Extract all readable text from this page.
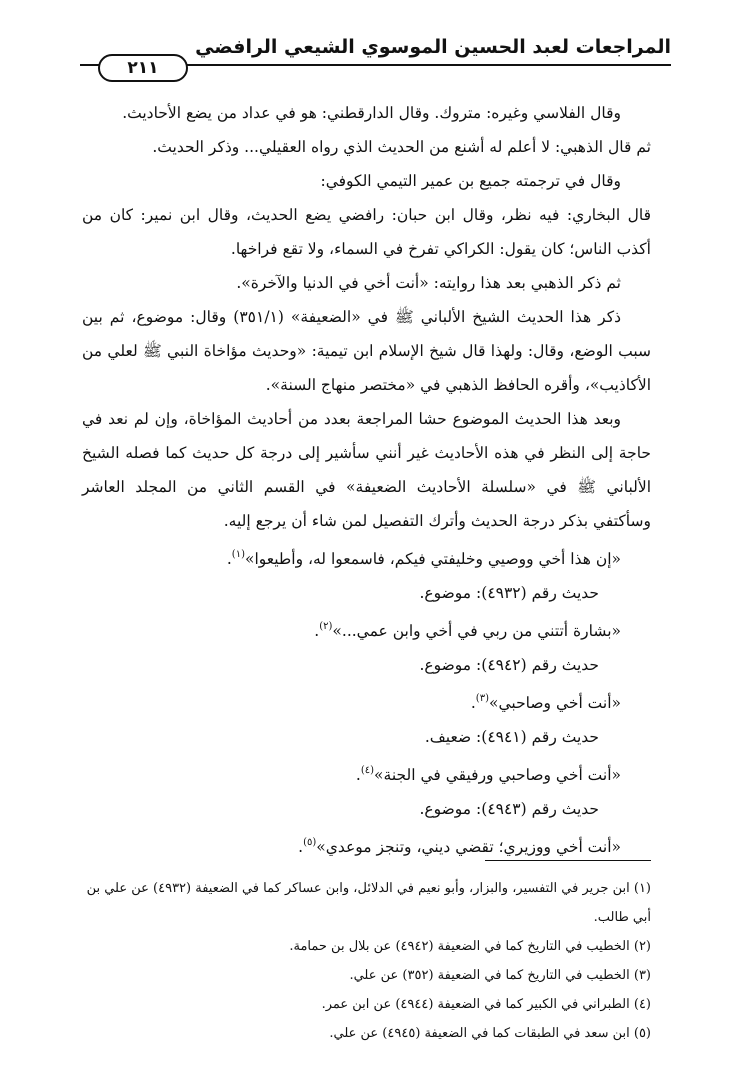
المراجعات لعبد الحسين الموسوي الشيعي الرافضي
٢١١
وقال الفلاسي وغيره: متروك. وقال الدارقطني: هو في عداد من يضع الأحاديث.
ثم قال الذهبي: لا أعلم له أشنع من الحديث الذي رواه العقيلي... وذكر الحديث.
وقال في ترجمته جميع بن عمير التيمي الكوفي:
قال البخاري: فيه نظر، وقال ابن حبان: رافضي يضع الحديث، وقال ابن نمير: كان من أكذب الناس؛ كان يقول: الكراكي تفرخ في السماء، ولا تقع فراخها.
ثم ذكر الذهبي بعد هذا روايته: «أنت أخي في الدنيا والآخرة».
ذكر هذا الحديث الشيخ الألباني ﷺ في «الضعيفة» (٣٥١/١) وقال: موضوع، ثم بين سبب الوضع، وقال: ولهذا قال شيخ الإسلام ابن تيمية: «وحديث مؤاخاة النبي ﷺ لعلي من الأكاذيب»، وأقره الحافظ الذهبي في «مختصر منهاج السنة».
وبعد هذا الحديث الموضوع حشا المراجعة بعدد من أحاديث المؤاخاة، وإن لم نعد في حاجة إلى النظر في هذه الأحاديث غير أنني سأشير إلى درجة كل حديث كما فصله الشيخ الألباني ﷺ في «سلسلة الأحاديث الضعيفة» في القسم الثاني من المجلد العاشر وسأكتفي بذكر درجة الحديث وأترك التفصيل لمن شاء أن يرجع إليه.
«إن هذا أخي ووصيي وخليفتي فيكم، فاسمعوا له، وأطيعوا»$^{(١)}$.
حديث رقم (٤٩٣٢): موضوع.
«بشارة أتتني من ربي في أخي وابن عمي...»$^{(٢)}$.
حديث رقم (٤٩٤٢): موضوع.
«أنت أخي وصاحبي»$^{(٣)}$.
حديث رقم (٤٩٤١): ضعيف.
«أنت أخي وصاحبي ورفيقي في الجنة»$^{(٤)}$.
حديث رقم (٤٩٤٣): موضوع.
«أنت أخي ووزيري؛ تقضي ديني، وتنجز موعدي»$^{(٥)}$.
(١) ابن جرير في التفسير، والبزار، وأبو نعيم في الدلائل، وابن عساكر كما في الضعيفة (٤٩٣٢) عن علي بن أبي طالب.
(٢) الخطيب في التاريخ كما في الضعيفة (٤٩٤٢) عن بلال بن حمامة.
(٣) الخطيب في التاريخ كما في الضعيفة (٣٥٢) عن علي.
(٤) الطبراني في الكبير كما في الضعيفة (٤٩٤٤) عن ابن عمر.
(٥) ابن سعد في الطبقات كما في الضعيفة (٤٩٤٥) عن علي.
